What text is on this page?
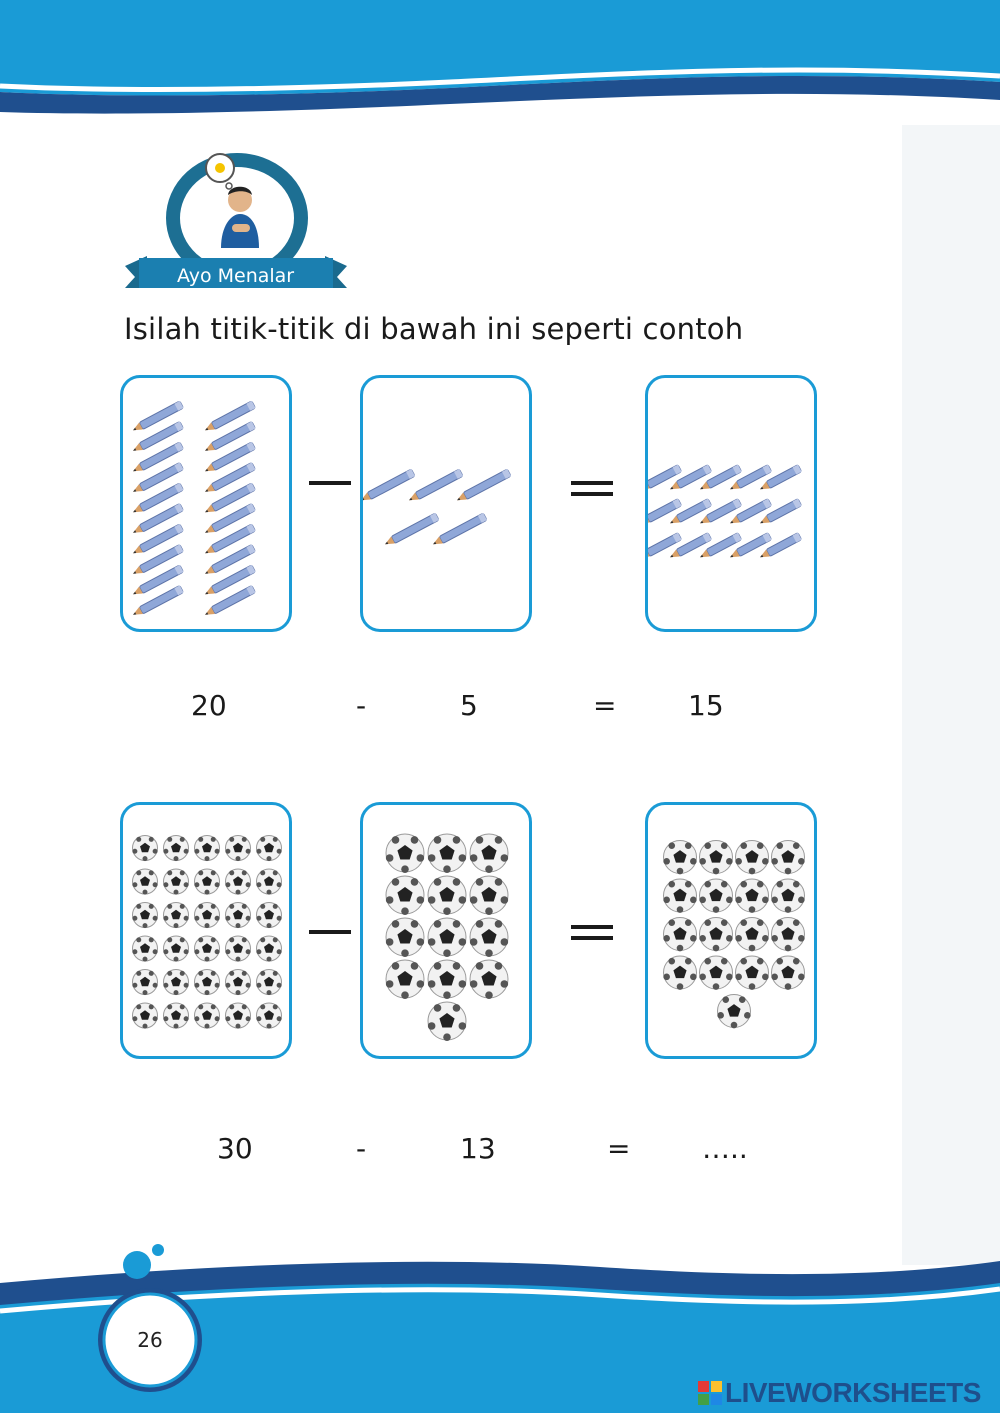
Ayo Menalar
Isilah titik-titik di bawah ini seperti contoh
20	-	5	=	15
30	-	13	=	…..
26
LIVEWORKSHEETS
